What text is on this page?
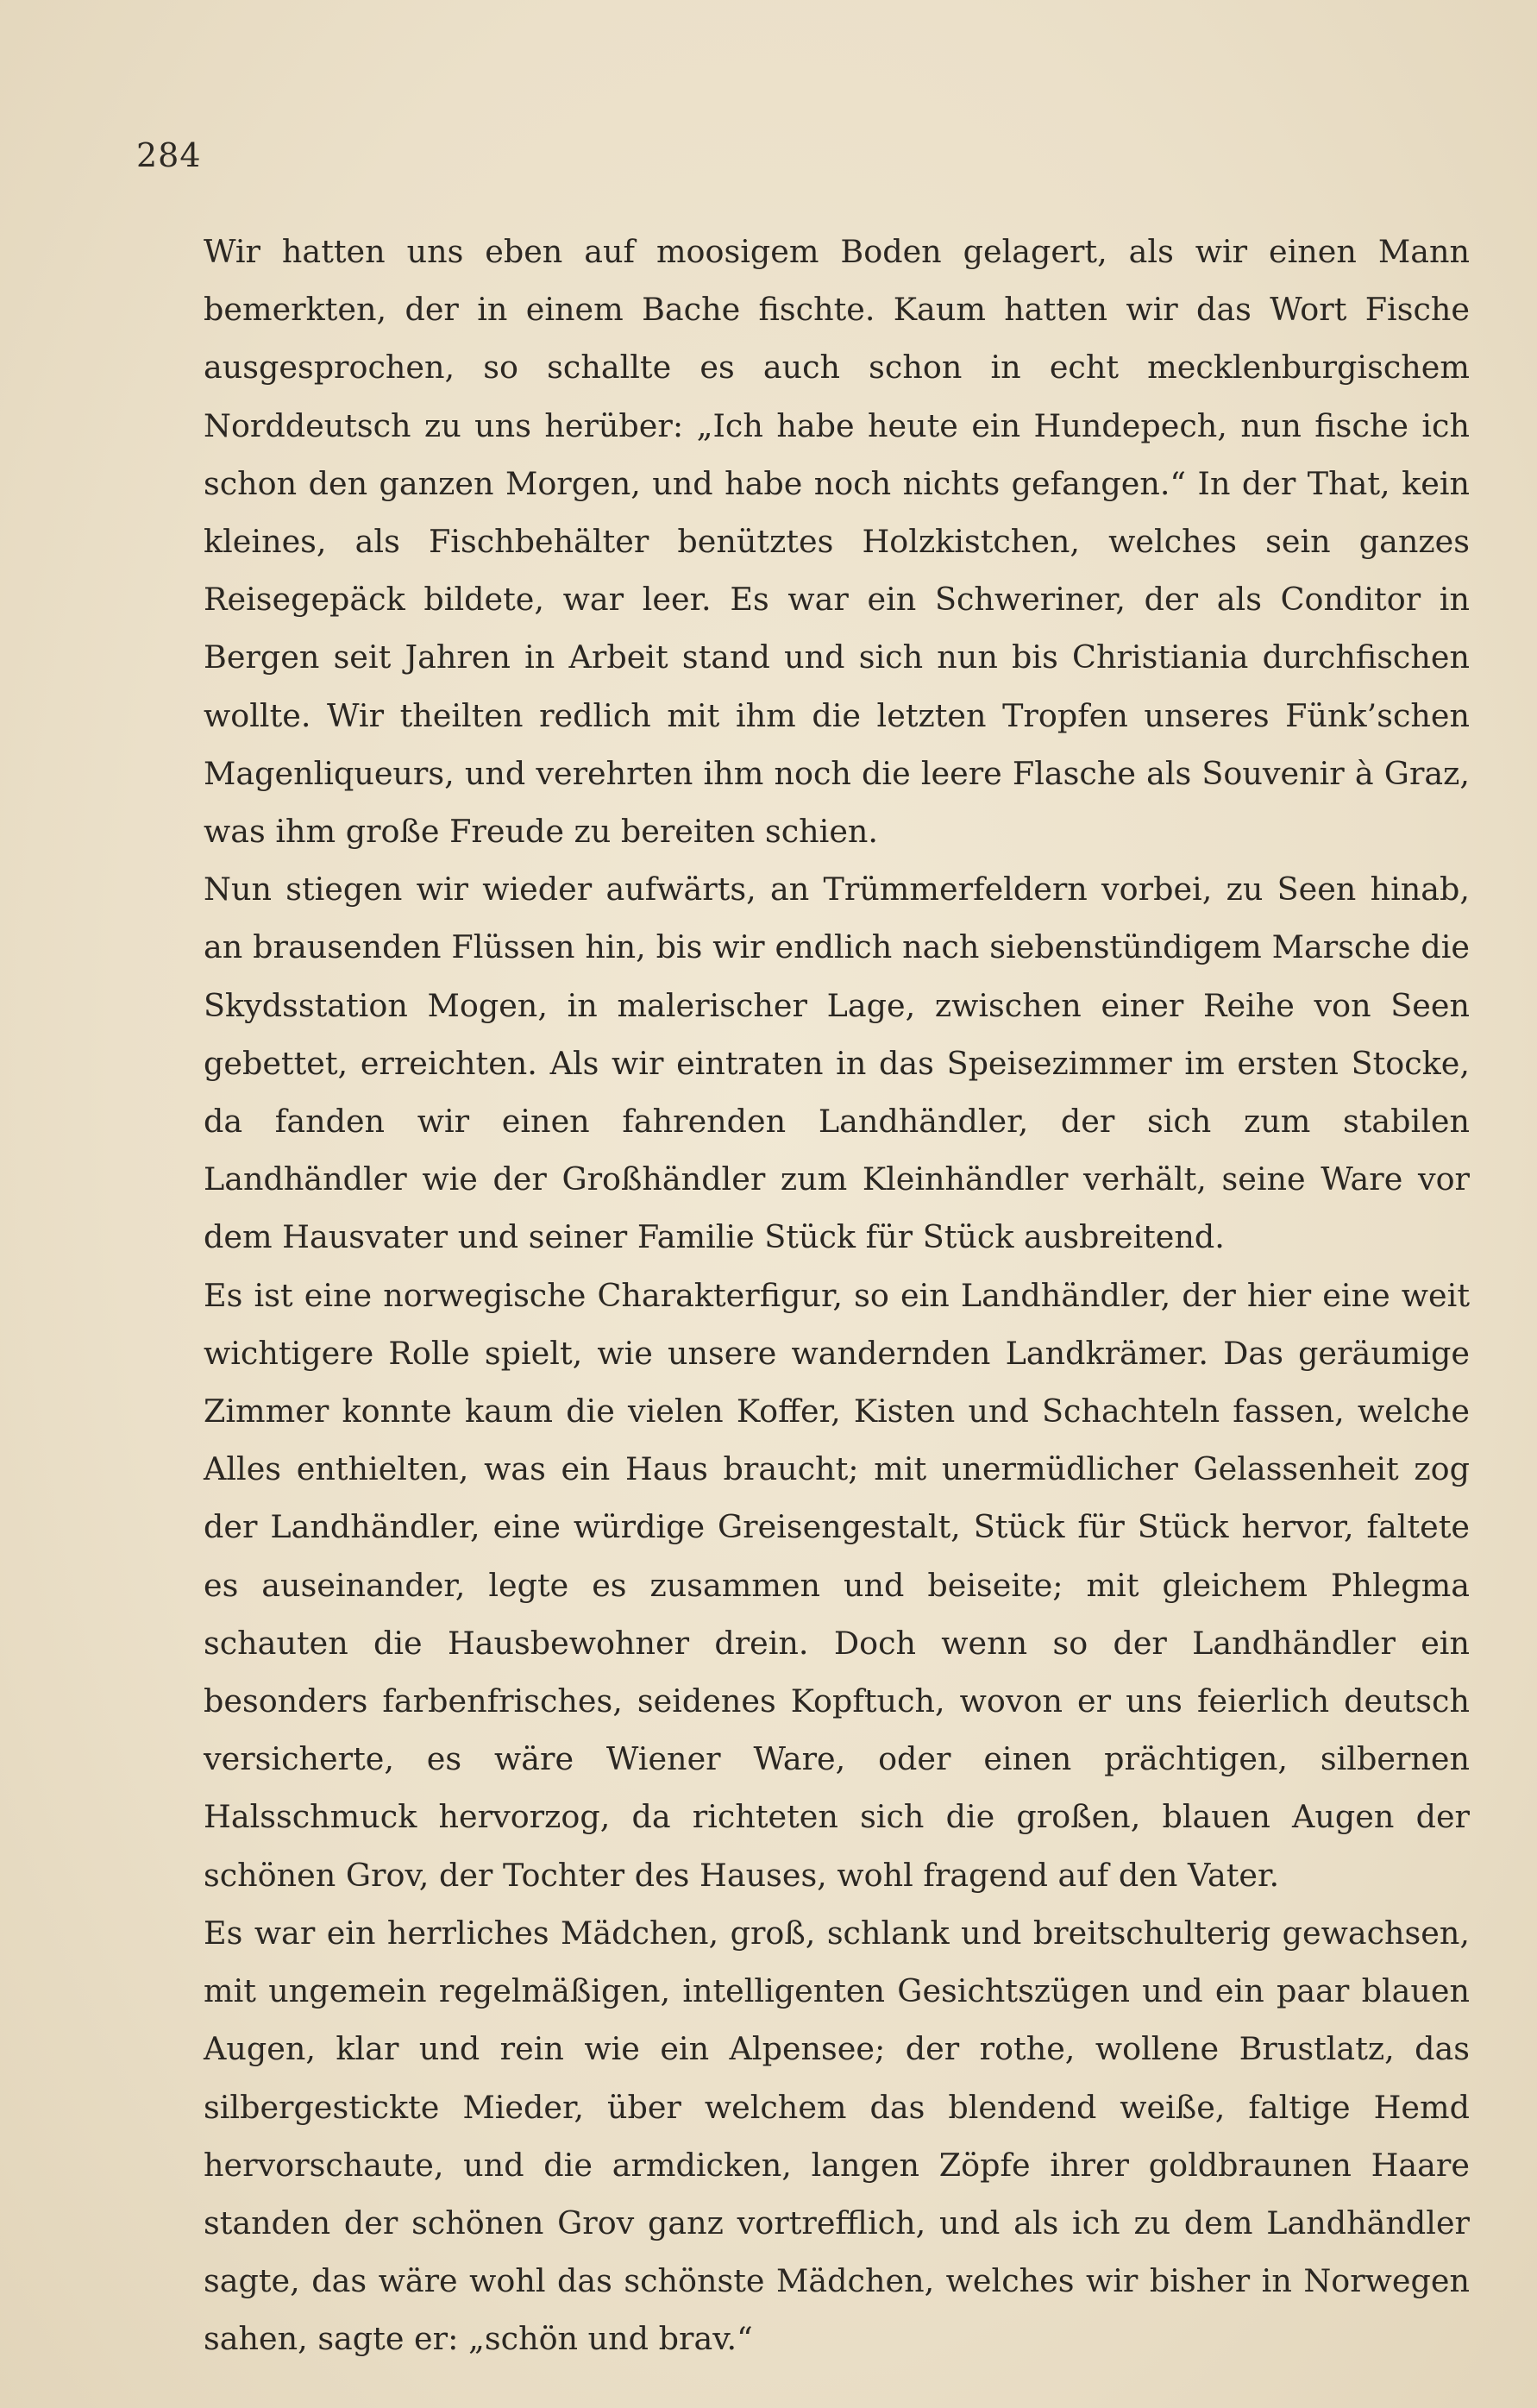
284

Wir hatten uns eben auf moosigem Boden gelagert, als wir einen Mann bemerkten, der in einem Bache fischte. Kaum hatten wir das Wort Fische ausgesprochen, so schallte es auch schon in echt mecklenburgischem Norddeutsch zu uns herüber: „Ich habe heute ein Hundepech, nun fische ich schon den ganzen Morgen, und habe noch nichts gefangen.“ In der That, kein kleines, als Fischbehälter benütztes Holzkistchen, welches sein ganzes Reisegepäck bildete, war leer. Es war ein Schweriner, der als Conditor in Bergen seit Jahren in Arbeit stand und sich nun bis Christiania durchfischen wollte. Wir theilten redlich mit ihm die letzten Tropfen unseres Fünk’schen Magenliqueurs, und verehrten ihm noch die leere Flasche als Souvenir à Graz, was ihm große Freude zu bereiten schien.

Nun stiegen wir wieder aufwärts, an Trümmerfeldern vorbei, zu Seen hinab, an brausenden Flüssen hin, bis wir endlich nach siebenstündigem Marsche die Skydsstation Mogen, in malerischer Lage, zwischen einer Reihe von Seen gebettet, erreichten. Als wir eintraten in das Speisezimmer im ersten Stocke, da fanden wir einen fahrenden Landhändler, der sich zum stabilen Landhändler wie der Großhändler zum Kleinhändler verhält, seine Ware vor dem Hausvater und seiner Familie Stück für Stück ausbreitend.

Es ist eine norwegische Charakterfigur, so ein Landhändler, der hier eine weit wichtigere Rolle spielt, wie unsere wandernden Landkrämer. Das geräumige Zimmer konnte kaum die vielen Koffer, Kisten und Schachteln fassen, welche Alles enthielten, was ein Haus braucht; mit unermüdlicher Gelassenheit zog der Landhändler, eine würdige Greisengestalt, Stück für Stück hervor, faltete es auseinander, legte es zusammen und beiseite; mit gleichem Phlegma schauten die Hausbewohner drein. Doch wenn so der Landhändler ein besonders farbenfrisches, seidenes Kopftuch, wovon er uns feierlich deutsch versicherte, es wäre Wiener Ware, oder einen prächtigen, silbernen Halsschmuck hervorzog, da richteten sich die großen, blauen Augen der schönen Grov, der Tochter des Hauses, wohl fragend auf den Vater.

Es war ein herrliches Mädchen, groß, schlank und breitschulterig gewachsen, mit ungemein regelmäßigen, intelligenten Gesichtszügen und ein paar blauen Augen, klar und rein wie ein Alpensee; der rothe, wollene Brustlatz, das silbergestickte Mieder, über welchem das blendend weiße, faltige Hemd hervorschaute, und die armdicken, langen Zöpfe ihrer goldbraunen Haare standen der schönen Grov ganz vortrefflich, und als ich zu dem Landhändler sagte, das wäre wohl das schönste Mädchen, welches wir bisher in Norwegen sahen, sagte er: „schön und brav.“
